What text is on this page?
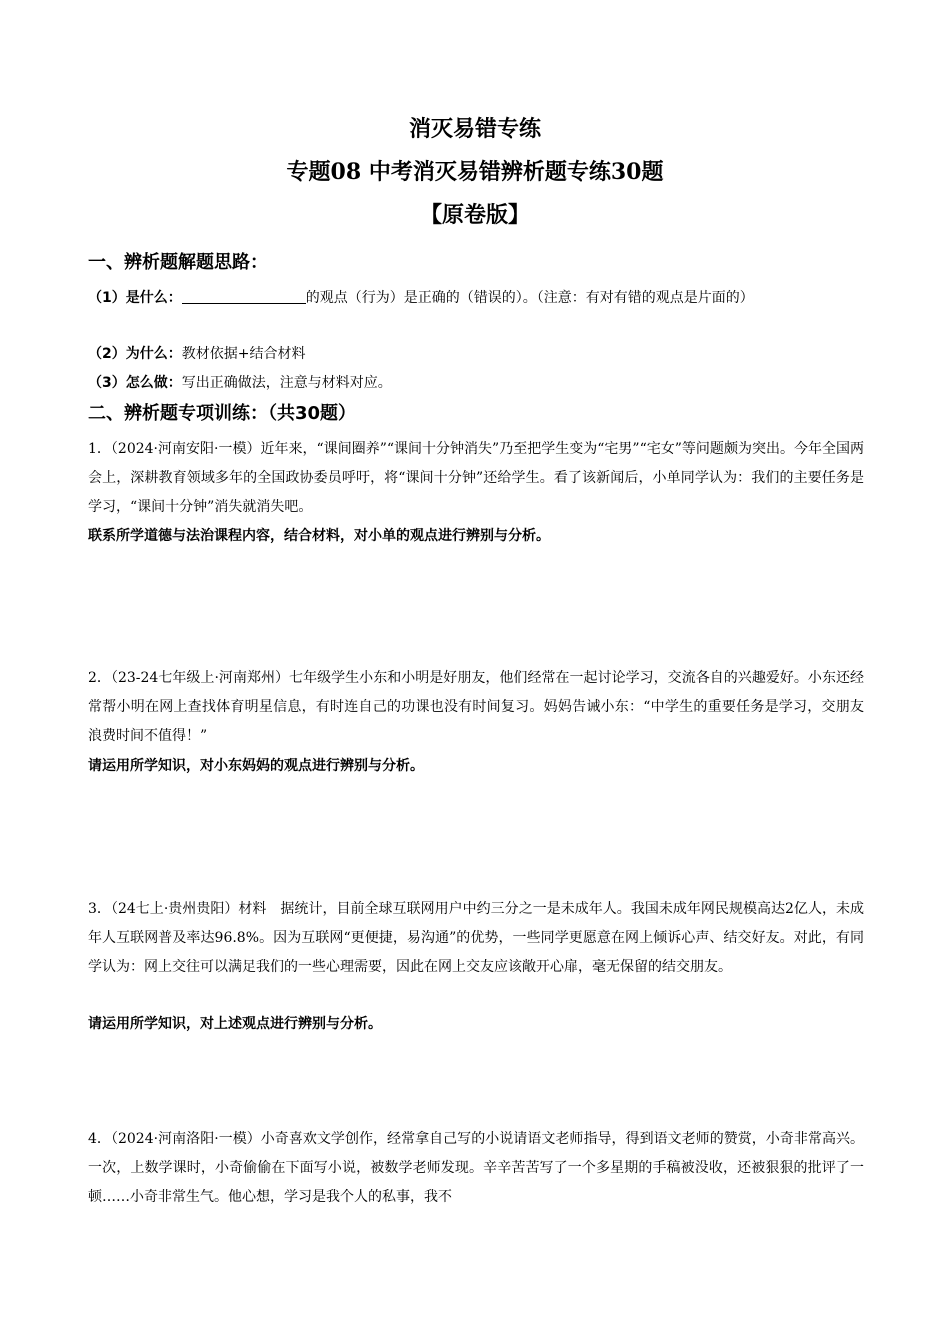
消灭易错专练
专题08 中考消灭易错辨析题专练30题
【原卷版】
一、辨析题解题思路：
（1）是什么：	的观点（行为）是正确的（错误的）。（注意：有对有错的观点是片面的）
（2）为什么：教材依据+结合材料
（3）怎么做：写出正确做法，注意与材料对应。
二、辨析题专项训练：（共30题）
1．（2024·河南安阳·一模）近年来，“课间圈养”“课间十分钟消失”乃至把学生变为“宅男”“宅女”等问题颇为突出。今年全国两会上，深耕教育领域多年的全国政协委员呼吁，将“课间十分钟”还给学生。看了该新闻后，小单同学认为：我们的主要任务是学习，“课间十分钟”消失就消失吧。
联系所学道德与法治课程内容，结合材料，对小单的观点进行辨别与分析。
2．（23-24七年级上·河南郑州）七年级学生小东和小明是好朋友，他们经常在一起讨论学习，交流各自的兴趣爱好。小东还经常帮小明在网上查找体育明星信息，有时连自己的功课也没有时间复习。妈妈告诫小东：“中学生的重要任务是学习，交朋友浪费时间不值得！”
请运用所学知识，对小东妈妈的观点进行辨别与分析。
3．（24七上·贵州贵阳）材料　据统计，目前全球互联网用户中约三分之一是未成年人。我国未成年网民规模高达2亿人，未成年人互联网普及率达96.8%。因为互联网“更便捷，易沟通”的优势，一些同学更愿意在网上倾诉心声、结交好友。对此，有同学认为：网上交往可以满足我们的一些心理需要，因此在网上交友应该敞开心扉，毫无保留的结交朋友。
请运用所学知识，对上述观点进行辨别与分析。
4．（2024·河南洛阳·一模）小奇喜欢文学创作，经常拿自己写的小说请语文老师指导，得到语文老师的赞赏，小奇非常高兴。一次，上数学课时，小奇偷偷在下面写小说，被数学老师发现。辛辛苦苦写了一个多星期的手稿被没收，还被狠狠的批评了一顿……小奇非常生气。他心想，学习是我个人的私事，我不
